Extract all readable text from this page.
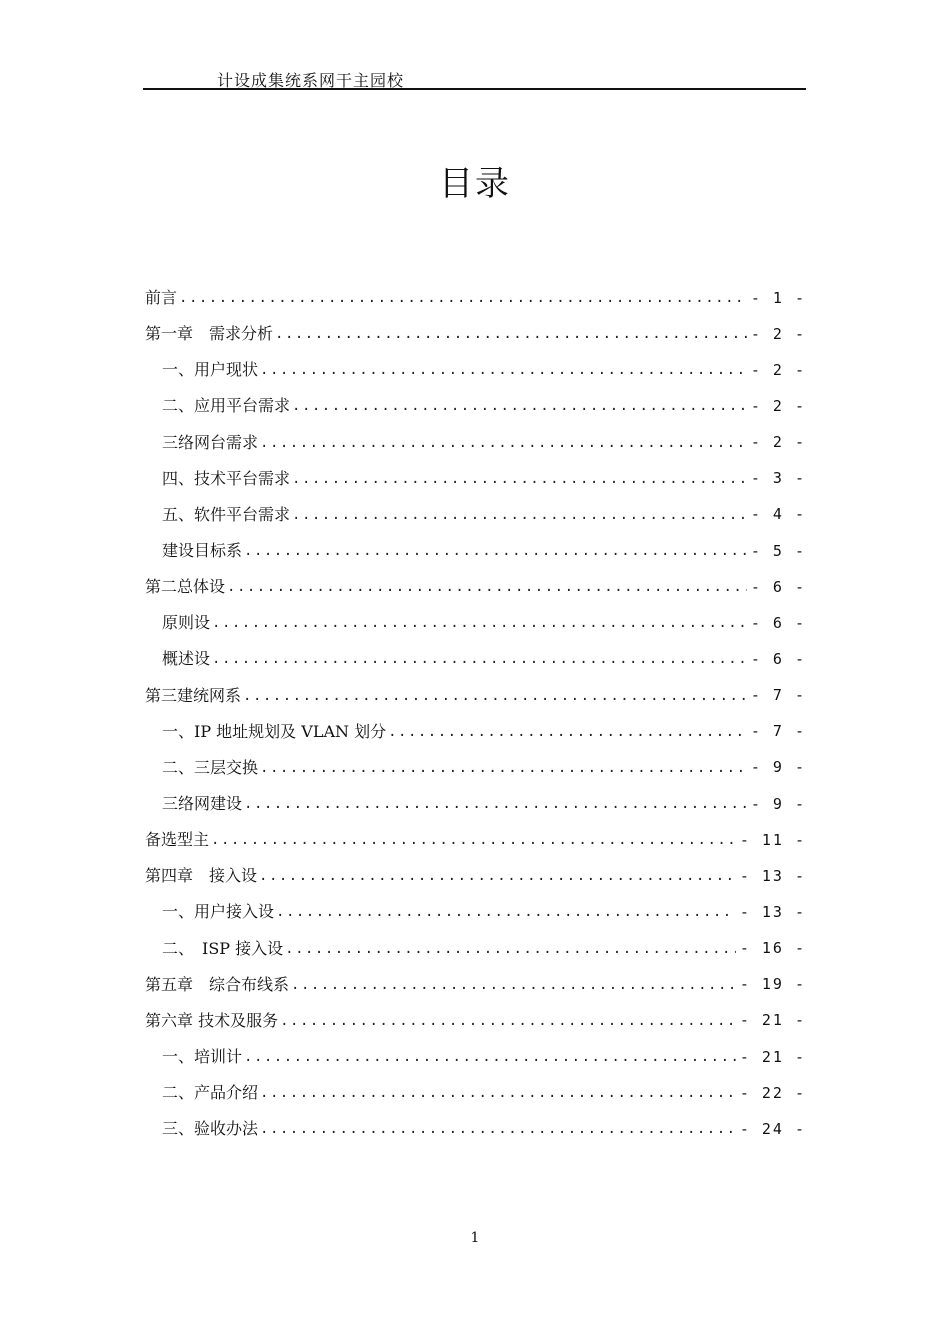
计设成集统系网干主园校
目录
前言 .....	- 1 -
第一章　需求分析 .....	- 2 -
一、用户现状 .....	- 2 -
二、应用平台需求 .....	- 2 -
三络网台需求 .....	- 2 -
四、技术平台需求 .....	- 3 -
五、软件平台需求 .....	- 4 -
建设目标系 .....	- 5 -
第二总体设 .....	- 6 -
原则设 .....	- 6 -
概述设 .....	- 6 -
第三建统网系 .....	- 7 -
一、IP 地址规划及 VLAN 划分 .....	- 7 -
二、三层交换 .....	- 9 -
三络网建设 .....	- 9 -
备选型主 .....	- 11 -
第四章　接入设 .....	- 13 -
一、用户接入设 .....	- 13 -
二、　ISP 接入设 .....	- 16 -
第五章　综合布线系 .....	- 19 -
第六章 技术及服务 .....	- 21 -
一、培训计 .....	- 21 -
二、产品介绍 .....	- 22 -
三、验收办法 .....	- 24 -
1
